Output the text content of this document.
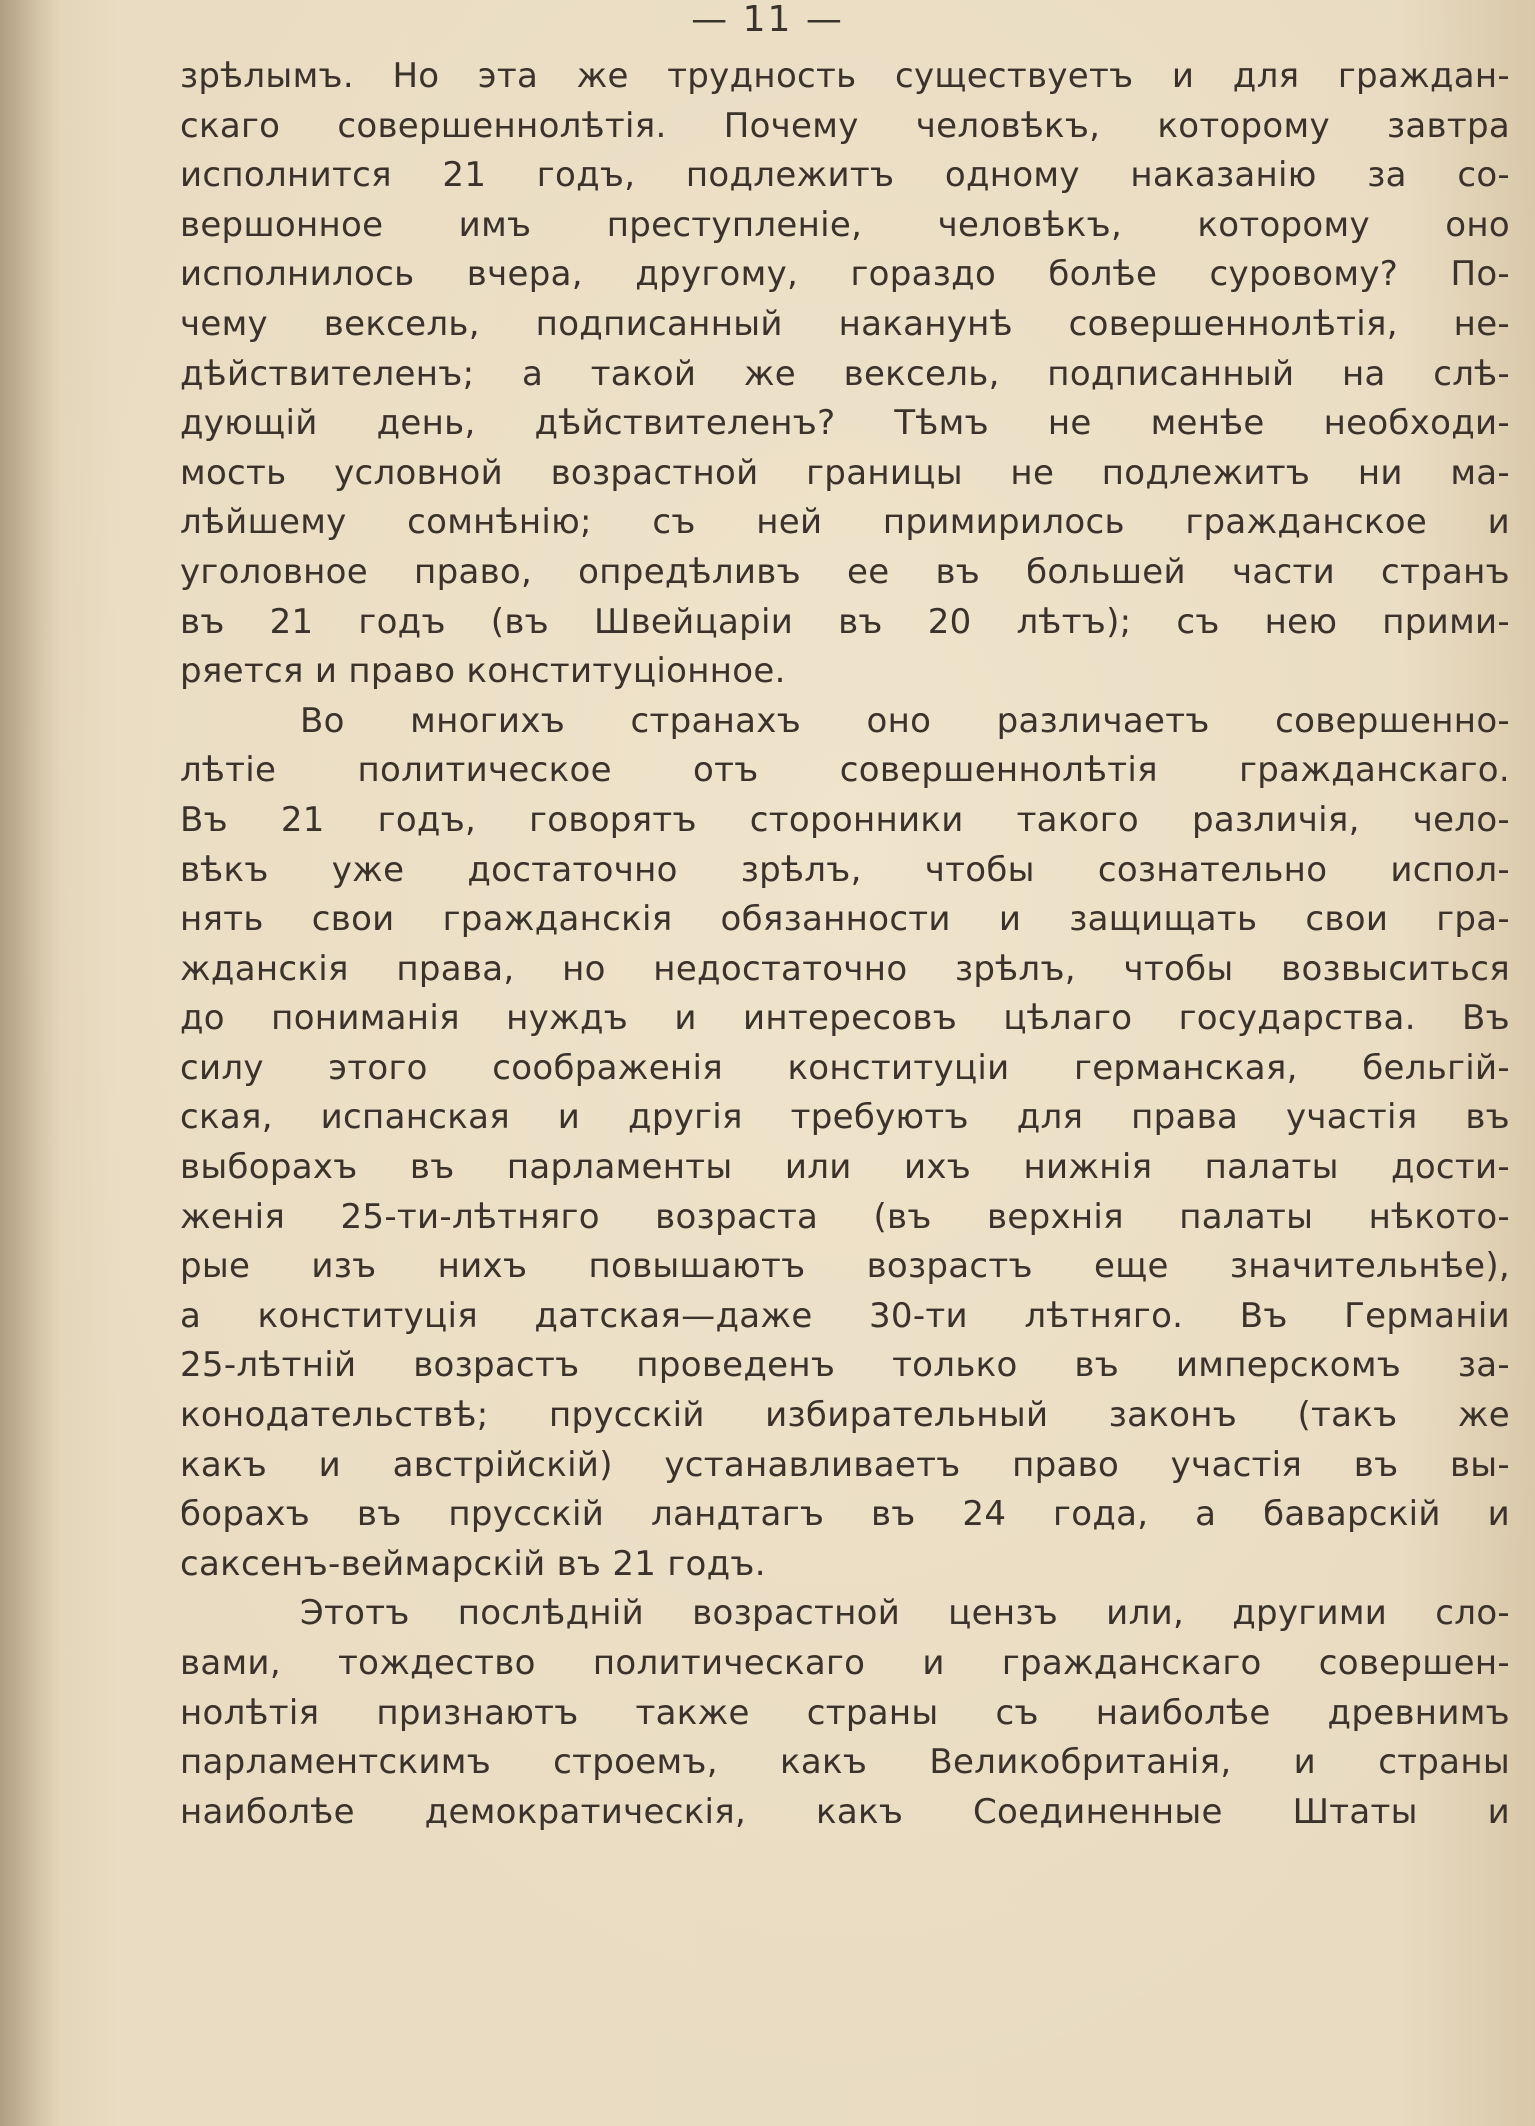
— 11 —
зрѣлымъ. Но эта же трудность существуетъ и для граждан-
скаго совершеннолѣтія. Почему человѣкъ, которому завтра
исполнится 21 годъ, подлежитъ одному наказанію за со-
вершонное имъ преступленіе, человѣкъ, которому оно
исполнилось вчера, другому, гораздо болѣе суровому? По-
чему вексель, подписанный наканунѣ совершеннолѣтія, не-
дѣйствителенъ; а такой же вексель, подписанный на слѣ-
дующій день, дѣйствителенъ? Тѣмъ не менѣе необходи-
мость условной возрастной границы не подлежитъ ни ма-
лѣйшему сомнѣнію; съ ней примирилось гражданское и
уголовное право, опредѣливъ ее въ большей части странъ
въ 21 годъ (въ Швейцаріи въ 20 лѣтъ); съ нею прими-
ряется и право конституціонное.
Во многихъ странахъ оно различаетъ совершенно-
лѣтіе политическое отъ совершеннолѣтія гражданскаго.
Въ 21 годъ, говорятъ сторонники такого различія, чело-
вѣкъ уже достаточно зрѣлъ, чтобы сознательно испол-
нять свои гражданскія обязанности и защищать свои гра-
жданскія права, но недостаточно зрѣлъ, чтобы возвыситься
до пониманія нуждъ и интересовъ цѣлаго государства. Въ
силу этого соображенія конституціи германская, бельгій-
ская, испанская и другія требуютъ для права участія въ
выборахъ въ парламенты или ихъ нижнія палаты дости-
женія 25-ти-лѣтняго возраста (въ верхнія палаты нѣкото-
рые изъ нихъ повышаютъ возрастъ еще значительнѣе),
а конституція датская—даже 30-ти лѣтняго. Въ Германіи
25-лѣтній возрастъ проведенъ только въ имперскомъ за-
конодательствѣ; прусскій избирательный законъ (такъ же
какъ и австрійскій) устанавливаетъ право участія въ вы-
борахъ въ прусскій ландтагъ въ 24 года, а баварскій и
саксенъ-веймарскій въ 21 годъ.
Этотъ послѣдній возрастной цензъ или, другими сло-
вами, тождество политическаго и гражданскаго совершен-
нолѣтія признаютъ также страны съ наиболѣе древнимъ
парламентскимъ строемъ, какъ Великобританія, и страны
наиболѣе демократическія, какъ Соединенные Штаты и
